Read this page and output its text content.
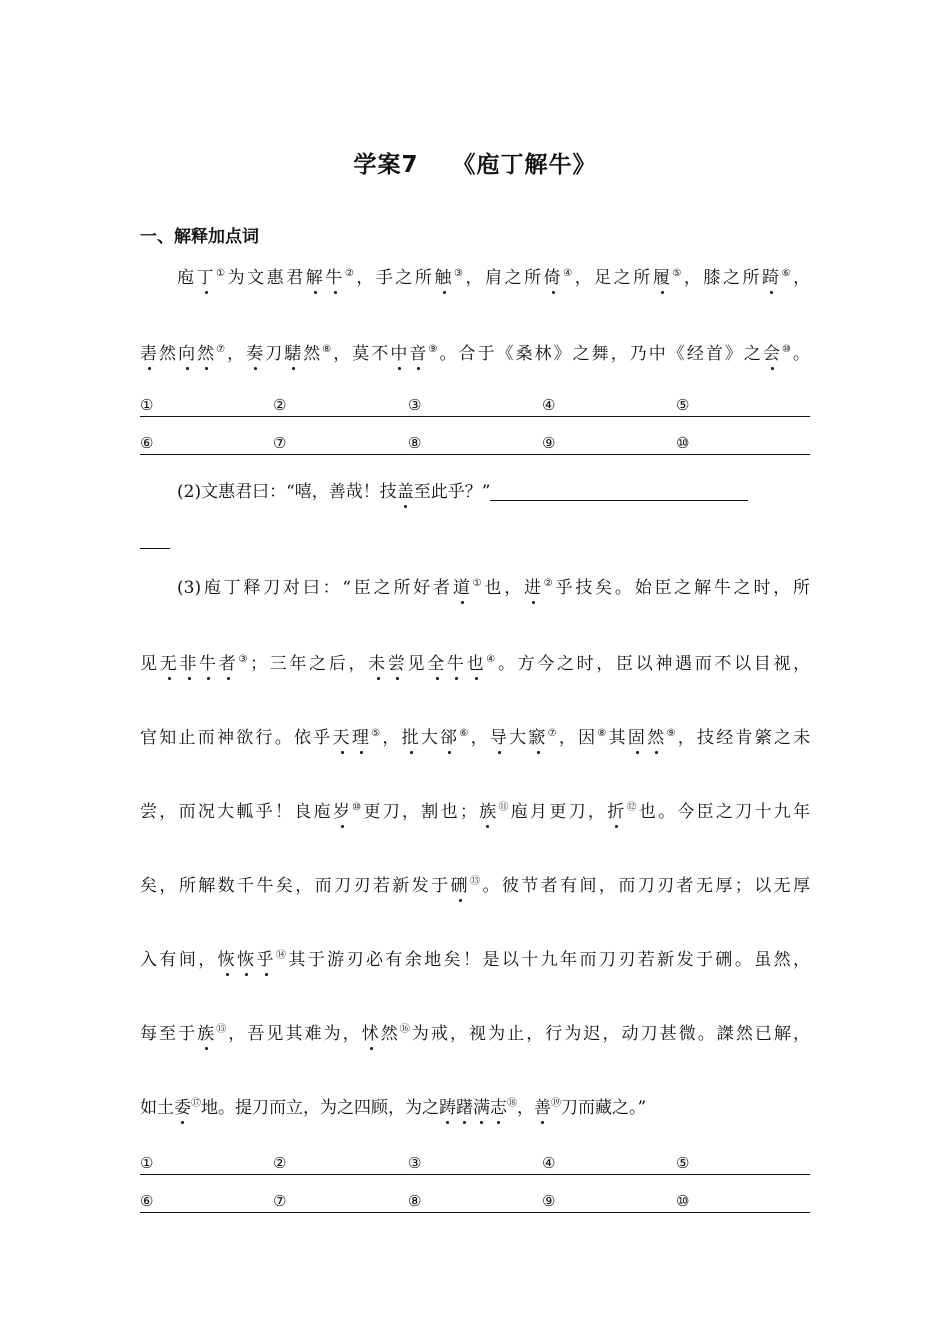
学案7 《庖丁解牛》
一、解释加点词
庖丁①为文惠君解牛②，手之所触③，肩之所倚④，足之所履⑤，膝之所踦⑥，
砉然向然⑦，奏刀騞然⑧，莫不中音⑨。合于《桑林》之舞，乃中《经首》之会⑩。
①	②	③	④	⑤
⑥	⑦	⑧	⑨	⑩
(2)文惠君曰：“嘻，善哉！技盖至此乎？”
(3)庖丁释刀对曰：“臣之所好者道①也，进②乎技矣。始臣之解牛之时，所
见无非牛者③；三年之后，未尝见全牛也④。方今之时，臣以神遇而不以目视，
官知止而神欲行。依乎天理⑤，批大郤⑥，导大窾⑦，因⑧其固然⑨，技经肯綮之未
尝，而况大軱乎！良庖岁⑩更刀，割也；族⑪庖月更刀，折⑫也。今臣之刀十九年
矣，所解数千牛矣，而刀刃若新发于硎⑬。彼节者有间，而刀刃者无厚；以无厚
入有间，恢恢乎⑭其于游刃必有余地矣！是以十九年而刀刃若新发于硎。虽然，
每至于族⑮，吾见其难为，怵然⑯为戒，视为止，行为迟，动刀甚微。謋然已解，
如土委⑰地。提刀而立，为之四顾，为之踌躇满志⑱，善⑲刀而藏之。”
①	②	③	④	⑤
⑥	⑦	⑧	⑨	⑩
